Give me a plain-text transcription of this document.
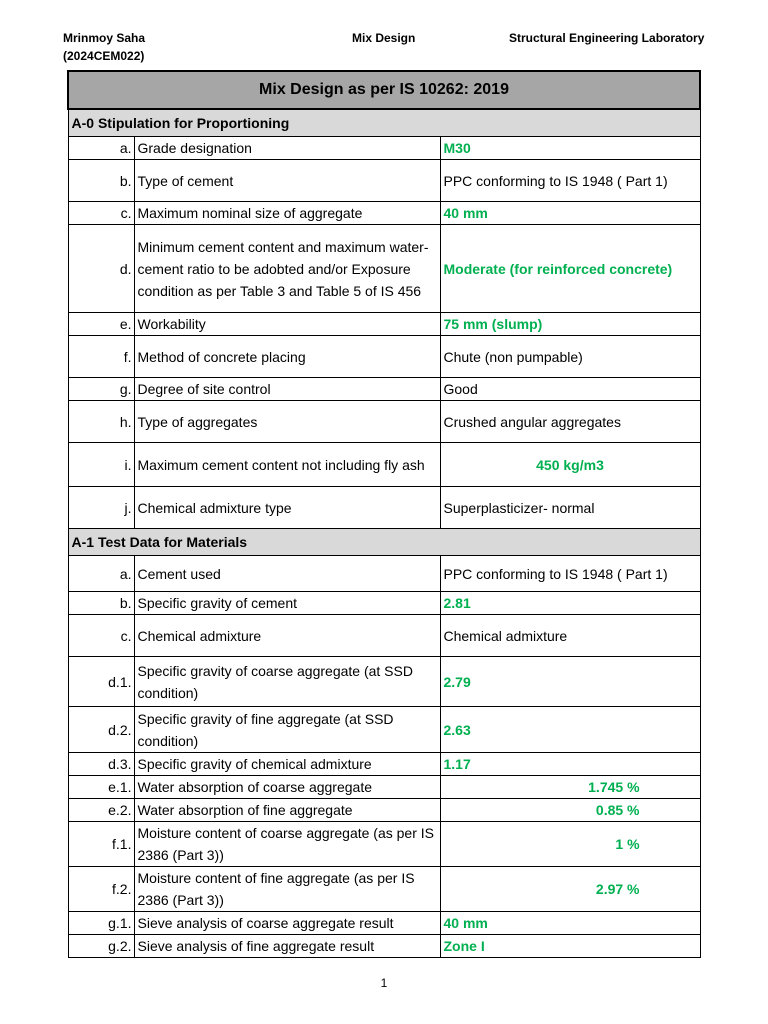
Mrinmoy Saha
(2024CEM022)
Mix Design	Structural Engineering Laboratory
Mix Design as per IS 10262: 2019		
A-0 Stipulation for Proportioning		
a.	Grade designation	M30
b.	Type of cement	PPC conforming to IS 1948 ( Part 1)
c.	Maximum nominal size of aggregate	40 mm
d.	Minimum cement content and maximum water-cement ratio to be adobted and/or Exposure condition as per Table 3 and Table 5 of IS 456	Moderate (for reinforced concrete)
e.	Workability	75 mm (slump)
f.	Method of concrete placing	Chute (non pumpable)
g.	Degree of site control	Good
h.	Type of aggregates	Crushed angular aggregates
i.	Maximum cement content not including fly ash	450 kg/m3
j.	Chemical admixture type	Superplasticizer- normal
A-1 Test Data for Materials		
a.	Cement used	PPC conforming to IS 1948 ( Part 1)
b.	Specific gravity of cement	2.81
c.	Chemical admixture	Chemical admixture
d.1.	Specific gravity of coarse aggregate (at SSD condition)	2.79
d.2.	Specific gravity of fine aggregate (at SSD condition)	2.63
d.3.	Specific gravity of chemical admixture	1.17
e.1.	Water absorption of coarse aggregate	1.745 %
e.2.	Water absorption of fine aggregate	0.85 %
f.1.	Moisture content of coarse aggregate (as per IS 2386 (Part 3))	1 %
f.2.	Moisture content of fine aggregate (as per IS 2386 (Part 3))	2.97 %
g.1.	Sieve analysis of coarse aggregate result	40 mm
g.2.	Sieve analysis of fine aggregate result	Zone I
1
